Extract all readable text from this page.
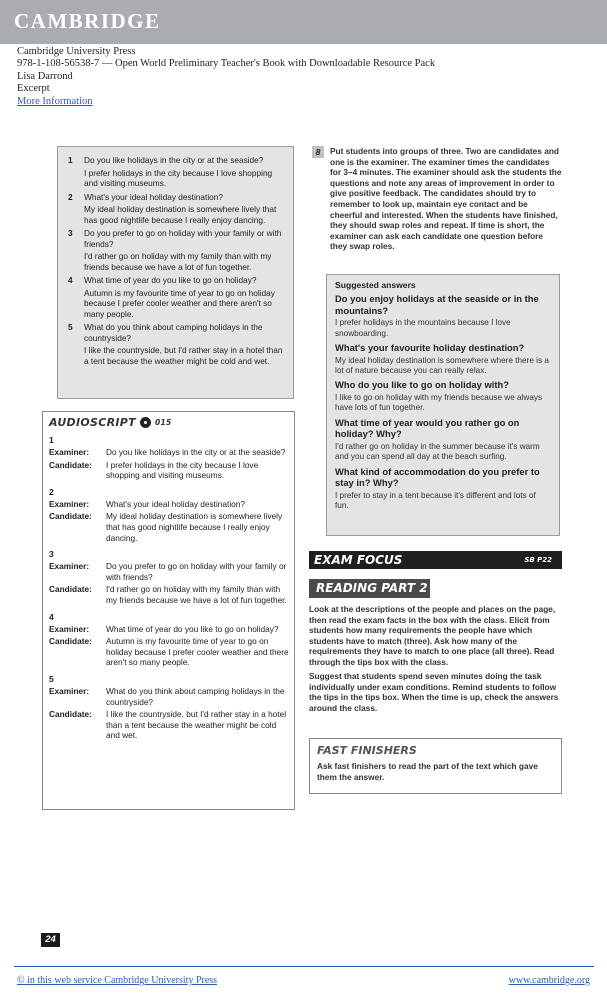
CAMBRIDGE
Cambridge University Press
978-1-108-56538-7 — Open World Preliminary Teacher's Book with Downloadable Resource Pack
Lisa Darrond
Excerpt
More Information
1	Do you like holidays in the city or at the seaside?
I prefer holidays in the city because I love shopping and visiting museums.
2	What's your ideal holiday destination?
My ideal holiday destination is somewhere lively that has good nightlife because I really enjoy dancing.
3	Do you prefer to go on holiday with your family or with friends?
I'd rather go on holiday with my family than with my friends because we have a lot of fun together.
4	What time of year do you like to go on holiday?
Autumn is my favourite time of year to go on holiday because I prefer cooler weather and there aren't so many people.
5	What do you think about camping holidays in the countryside?
I like the countryside, but I'd rather stay in a hotel than a tent because the weather might be cold and wet.
AUDIOSCRIPT	015
1
Examiner:	Do you like holidays in the city or at the seaside?
Candidate:	I prefer holidays in the city because I love shopping and visiting museums.
2
Examiner:	What's your ideal holiday destination?
Candidate:	My ideal holiday destination is somewhere lively that has good nightlife because I really enjoy dancing.
3
Examiner:	Do you prefer to go on holiday with your family or with friends?
Candidate:	I'd rather go on holiday with my family than with my friends because we have a lot of fun together.
4
Examiner:	What time of year do you like to go on holiday?
Candidate:	Autumn is my favourite time of year to go on holiday because I prefer cooler weather and there aren't so many people.
5
Examiner:	What do you think about camping holidays in the countryside?
Candidate:	I like the countryside, but I'd rather stay in a hotel than a tent because the weather might be cold and wet.
8	Put students into groups of three. Two are candidates and one is the examiner. The examiner times the candidates for 3–4 minutes. The examiner should ask the students the questions and note any areas of improvement in order to give positive feedback. The candidates should try to remember to look up, maintain eye contact and be cheerful and interested. When the students have finished, they should swap roles and repeat. If time is short, the examiner can ask each candidate one question before they swap roles.
Suggested answers
Do you enjoy holidays at the seaside or in the mountains?
I prefer holidays in the mountains because I love snowboarding.
What's your favourite holiday destination?
My ideal holiday destination is somewhere where there is a lot of nature because you can really relax.
Who do you like to go on holiday with?
I like to go on holiday with my friends because we always have lots of fun together.
What time of year would you rather go on holiday? Why?
I'd rather go on holiday in the summer because it's warm and you can spend all day at the beach surfing.
What kind of accommodation do you prefer to stay in? Why?
I prefer to stay in a tent because it's different and lots of fun.
EXAM FOCUS	SB P22
READING PART 2
Look at the descriptions of the people and places on the page, then read the exam facts in the box with the class. Elicit from students how many requirements the people have which students have to match (three). Ask how many of the requirements they have to match to one place (all three). Read through the tips box with the class.
Suggest that students spend seven minutes doing the task individually under exam conditions. Remind students to follow the tips in the tips box. When the time is up, check the answers around the class.
FAST FINISHERS
Ask fast finishers to read the part of the text which gave them the answer.
24
© in this web service Cambridge University Press	www.cambridge.org
